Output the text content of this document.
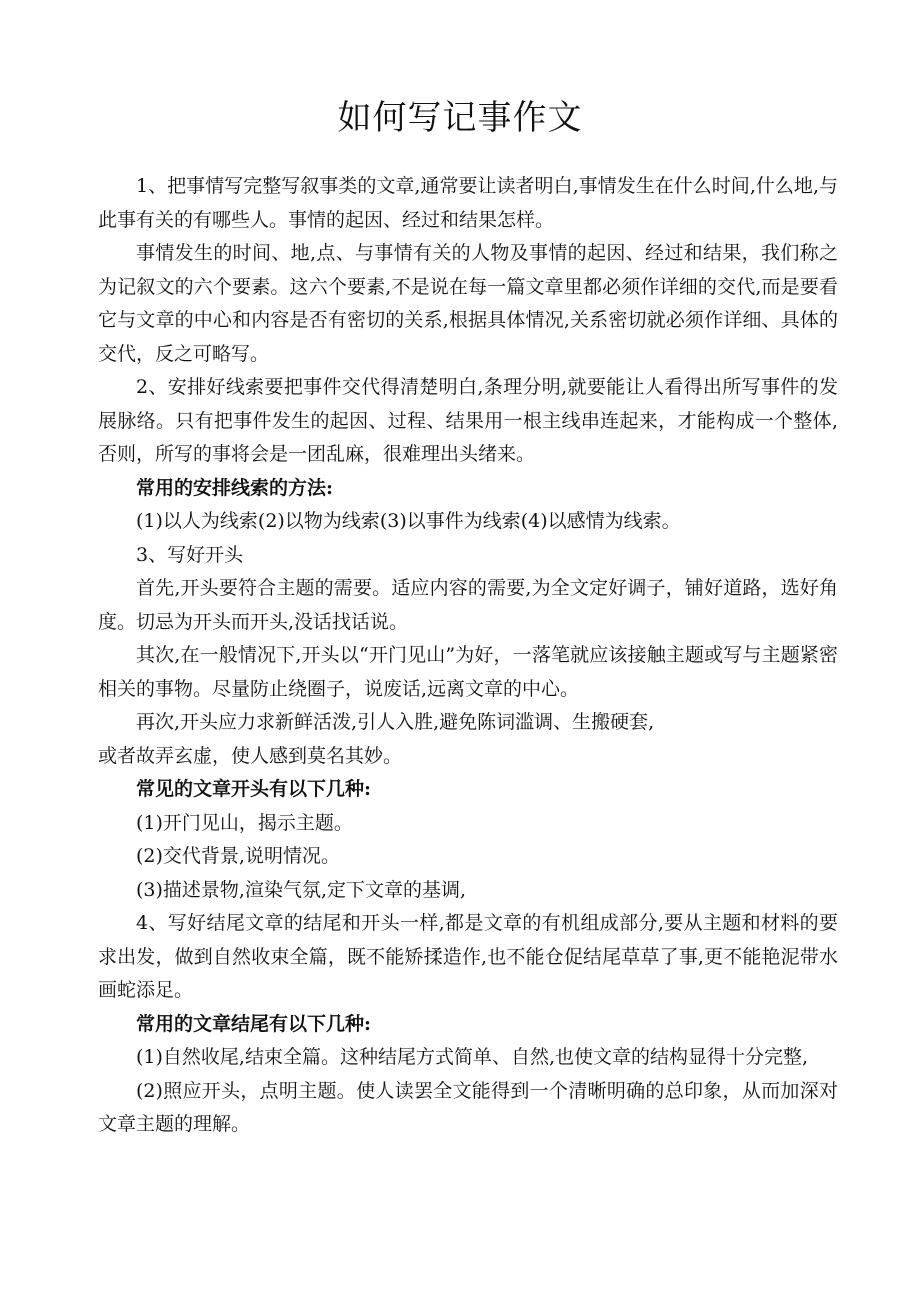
如何写记事作文

1、把事情写完整写叙事类的文章,通常要让读者明白,事情发生在什么时间,什么地,与此事有关的有哪些人。事情的起因、经过和结果怎样。

事情发生的时间、地,点、与事情有关的人物及事情的起因、经过和结果，我们称之为记叙文的六个要素。这六个要素,不是说在每一篇文章里都必须作详细的交代,而是要看它与文章的中心和内容是否有密切的关系,根据具体情况,关系密切就必须作详细、具体的交代，反之可略写。

2、安排好线索要把事件交代得清楚明白,条理分明,就要能让人看得出所写事件的发展脉络。只有把事件发生的起因、过程、结果用一根主线串连起来，才能构成一个整体,否则，所写的事将会是一团乱麻，很难理出头绪来。

常用的安排线索的方法:

(1)以人为线索(2)以物为线索(3)以事件为线索(4)以感情为线索。

3、写好开头

首先,开头要符合主题的需要。适应内容的需要,为全文定好调子，铺好道路，选好角度。切忌为开头而开头,没话找话说。

其次,在一般情况下,开头以“开门见山”为好，一落笔就应该接触主题或写与主题紧密相关的事物。尽量防止绕圈子，说废话,远离文章的中心。

再次,开头应力求新鲜活泼,引人入胜,避免陈词滥调、生搬硬套,

或者故弄玄虚，使人感到莫名其妙。

常见的文章开头有以下几种:

(1)开门见山，揭示主题。

(2)交代背景,说明情况。

(3)描述景物,渲染气氛,定下文章的基调,

4、写好结尾文章的结尾和开头一样,都是文章的有机组成部分,要从主题和材料的要求出发，做到自然收束全篇，既不能矫揉造作,也不能仓促结尾草草了事,更不能艳泥带水画蛇添足。

常用的文章结尾有以下几种:

(1)自然收尾,结束全篇。这种结尾方式简单、自然,也使文章的结构显得十分完整,

(2)照应开头，点明主题。使人读罢全文能得到一个清晰明确的总印象，从而加深对文章主题的理解。
